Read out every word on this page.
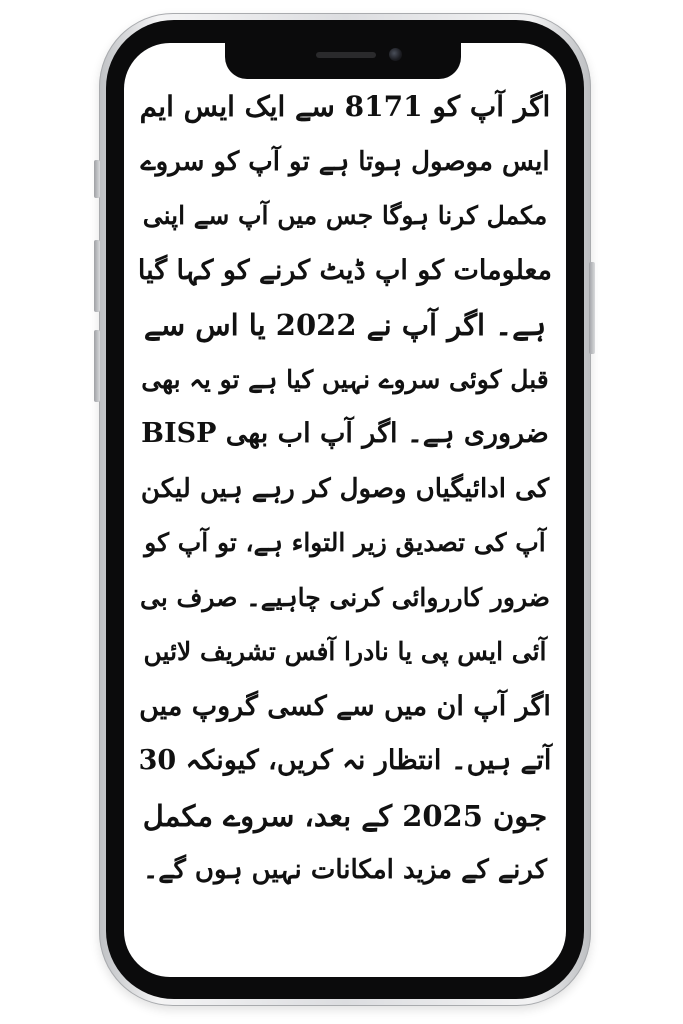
اگر آپ کو 8171 سے ایک ایس ایم
ایس موصول ہوتا ہے تو آپ کو سروے
مکمل کرنا ہوگا جس میں آپ سے اپنی
معلومات کو اپ ڈیٹ کرنے کو کہا گیا
ہے۔ اگر آپ نے 2022 یا اس سے
قبل کوئی سروے نہیں کیا ہے تو یہ بھی
ضروری ہے۔ اگر آپ اب بھی BISP
کی ادائیگیاں وصول کر رہے ہیں لیکن
آپ کی تصدیق زیر التواء ہے، تو آپ کو
ضرور کارروائی کرنی چاہیے۔ صرف بی
آئی ایس پی یا نادرا آفس تشریف لائیں
اگر آپ ان میں سے کسی گروپ میں
آتے ہیں۔ انتظار نہ کریں، کیونکہ 30
جون 2025 کے بعد، سروے مکمل
کرنے کے مزید امکانات نہیں ہوں گے۔
